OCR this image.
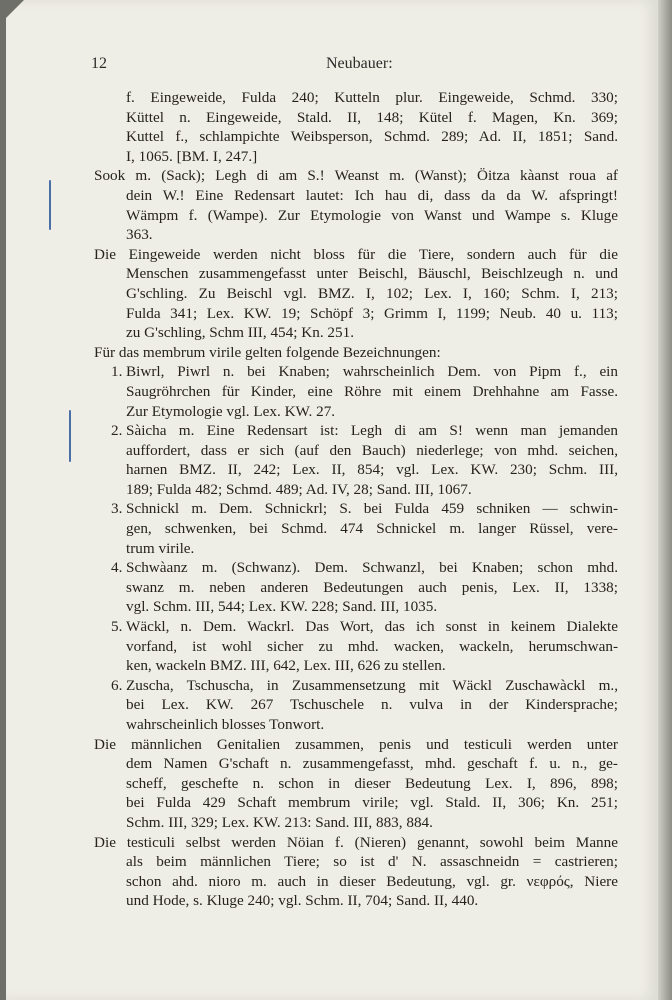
12	Neubauer:
f. Eingeweide, Fulda 240; Kutteln plur. Eingeweide, Schmd. 330;
Küttel n. Eingeweide, Stald. II, 148; Kütel f. Magen, Kn. 369;
Kuttel f., schlampichte Weibsperson, Schmd. 289; Ad. II, 1851; Sand.
I, 1065. [BM. I, 247.]
Sook m. (Sack); Legh di am S.! Weanst m. (Wanst); Öitza kàanst roua af
dein W.! Eine Redensart lautet: Ich hau di, dass da da W. afspringt!
Wämpm f. (Wampe). Zur Etymologie von Wanst und Wampe s. Kluge
363.
Die Eingeweide werden nicht bloss für die Tiere, sondern auch für die
Menschen zusammengefasst unter Beischl, Bäuschl, Beischlzeugh n. und
G'schling. Zu Beischl vgl. BMZ. I, 102; Lex. I, 160; Schm. I, 213;
Fulda 341; Lex. KW. 19; Schöpf 3; Grimm I, 1199; Neub. 40 u. 113;
zu G'schling, Schm III, 454; Kn. 251.
Für das membrum virile gelten folgende Bezeichnungen:
1. Biwrl, Piwrl n. bei Knaben; wahrscheinlich Dem. von Pipm f., ein
Saugröhrchen für Kinder, eine Röhre mit einem Drehhahne am Fasse.
Zur Etymologie vgl. Lex. KW. 27.
2. Sàicha m. Eine Redensart ist: Legh di am S! wenn man jemanden
auffordert, dass er sich (auf den Bauch) niederlege; von mhd. seichen,
harnen BMZ. II, 242; Lex. II, 854; vgl. Lex. KW. 230; Schm. III,
189; Fulda 482; Schmd. 489; Ad. IV, 28; Sand. III, 1067.
3. Schnickl m. Dem. Schnickrl; S. bei Fulda 459 schniken — schwin-
gen, schwenken, bei Schmd. 474 Schnickel m. langer Rüssel, vere-
trum virile.
4. Schwàanz m. (Schwanz). Dem. Schwanzl, bei Knaben; schon mhd.
swanz m. neben anderen Bedeutungen auch penis, Lex. II, 1338;
vgl. Schm. III, 544; Lex. KW. 228; Sand. III, 1035.
5. Wäckl, n. Dem. Wackrl. Das Wort, das ich sonst in keinem Dialekte
vorfand, ist wohl sicher zu mhd. wacken, wackeln, herumschwan-
ken, wackeln BMZ. III, 642, Lex. III, 626 zu stellen.
6. Zuscha, Tschuscha, in Zusammensetzung mit Wäckl Zuschawàckl m.,
bei Lex. KW. 267 Tschuschele n. vulva in der Kindersprache;
wahrscheinlich blosses Tonwort.
Die männlichen Genitalien zusammen, penis und testiculi werden unter
dem Namen G'schaft n. zusammengefasst, mhd. geschaft f. u. n., ge-
scheff, geschefte n. schon in dieser Bedeutung Lex. I, 896, 898;
bei Fulda 429 Schaft membrum virile; vgl. Stald. II, 306; Kn. 251;
Schm. III, 329; Lex. KW. 213: Sand. III, 883, 884.
Die testiculi selbst werden Nöian f. (Nieren) genannt, sowohl beim Manne
als beim männlichen Tiere; so ist d' N. assaschneidn = castrieren;
schon ahd. nioro m. auch in dieser Bedeutung, vgl. gr. νεφρός, Niere
und Hode, s. Kluge 240; vgl. Schm. II, 704; Sand. II, 440.
